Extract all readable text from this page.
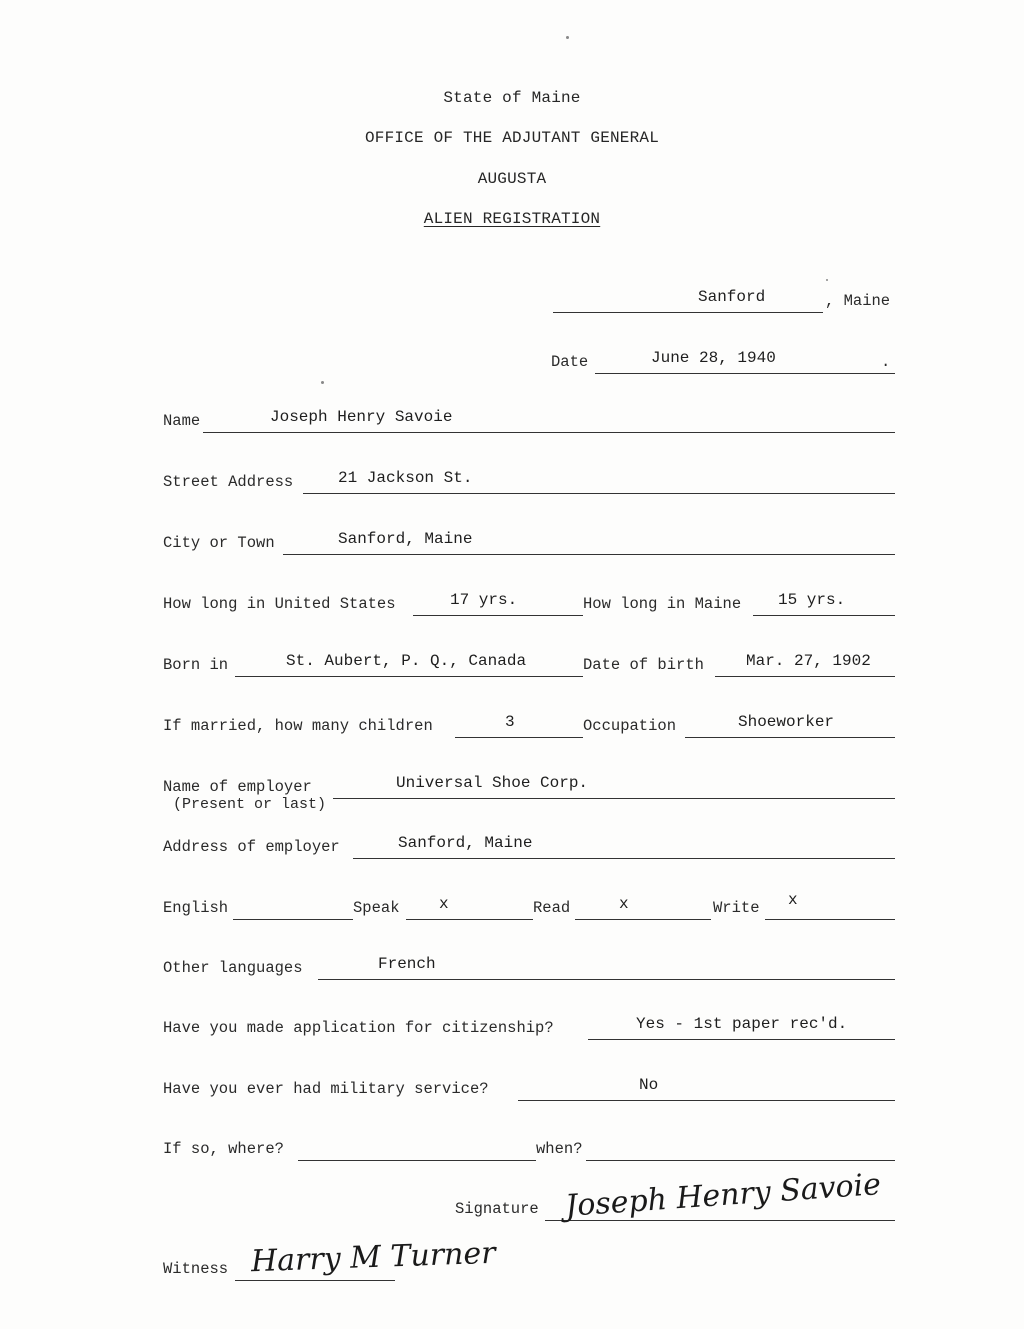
State of Maine
OFFICE OF THE ADJUTANT GENERAL
AUGUSTA
ALIEN REGISTRATION
Sanford	, Maine
Date	June 28, 1940	.
Name	Joseph Henry Savoie
Street Address	21 Jackson St.
City or Town	Sanford, Maine
How long in United States	17 yrs.	How long in Maine 15 yrs.
Born in	St. Aubert, P. Q., Canada	Date of birth	Mar. 27, 1902
If married, how many children	3	Occupation	Shoeworker
Name of employer
(Present or last)
Universal Shoe Corp.
Address of employer	Sanford, Maine
English	Speak x	Read	x	Write x
Other languages	French
Have you made application for citizenship?	Yes - 1st paper rec'd.
Have you ever had military service?	No
If so, where?	when?
Signature Joseph Henry Savoie
Witness Harry M Turner
